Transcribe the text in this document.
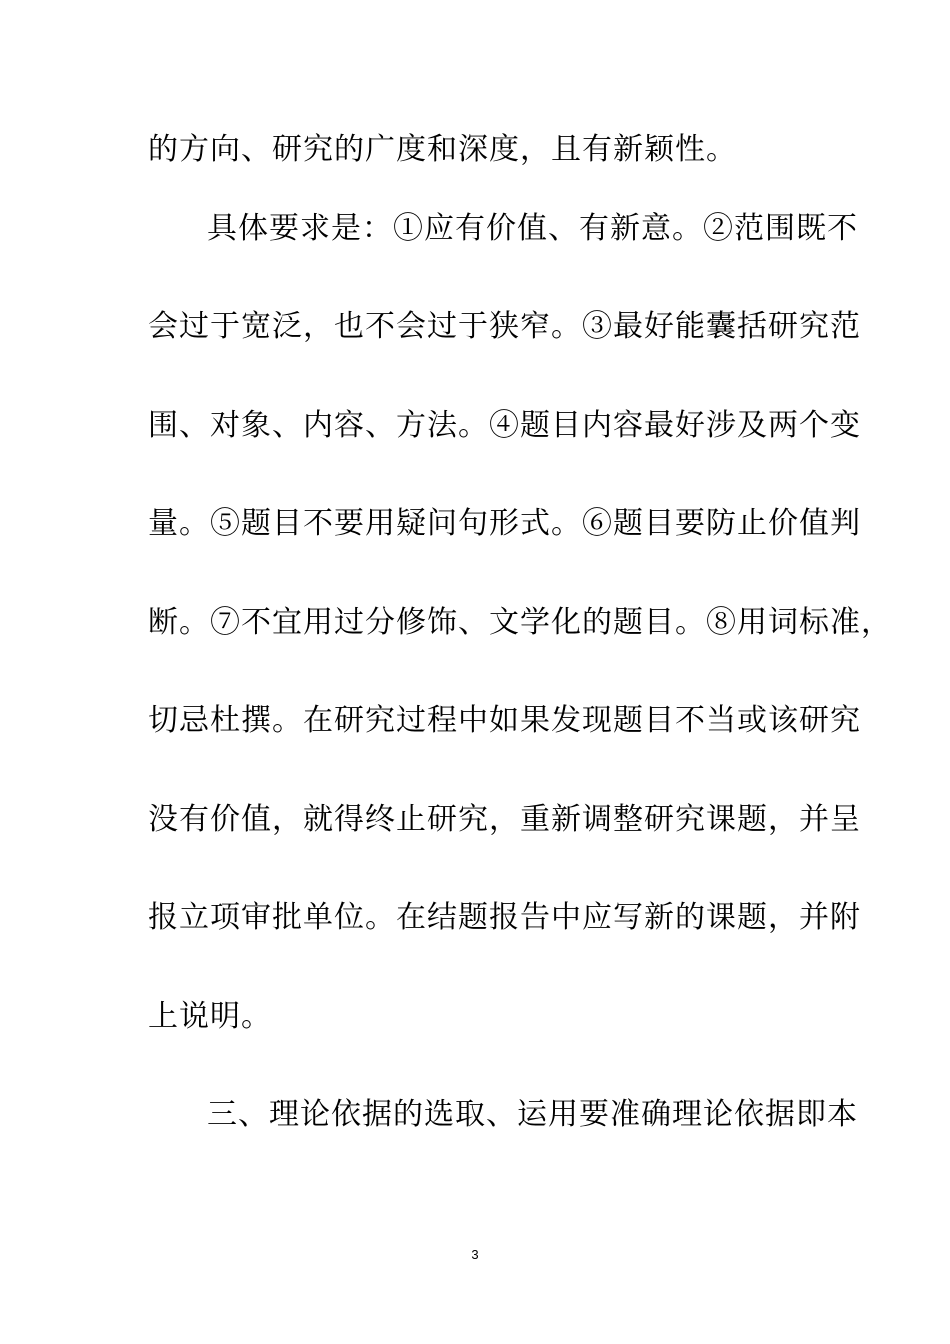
的方向、研究的广度和深度，且有新颖性。
具体要求是：①应有价值、有新意。②范围既不
会过于宽泛，也不会过于狭窄。③最好能囊括研究范
围、对象、内容、方法。④题目内容最好涉及两个变
量。⑤题目不要用疑问句形式。⑥题目要防止价值判
断。⑦不宜用过分修饰、文学化的题目。⑧用词标准，
切忌杜撰。在研究过程中如果发现题目不当或该研究
没有价值，就得终止研究，重新调整研究课题，并呈
报立项审批单位。在结题报告中应写新的课题，并附
上说明。
三、理论依据的选取、运用要准确理论依据即本
3
